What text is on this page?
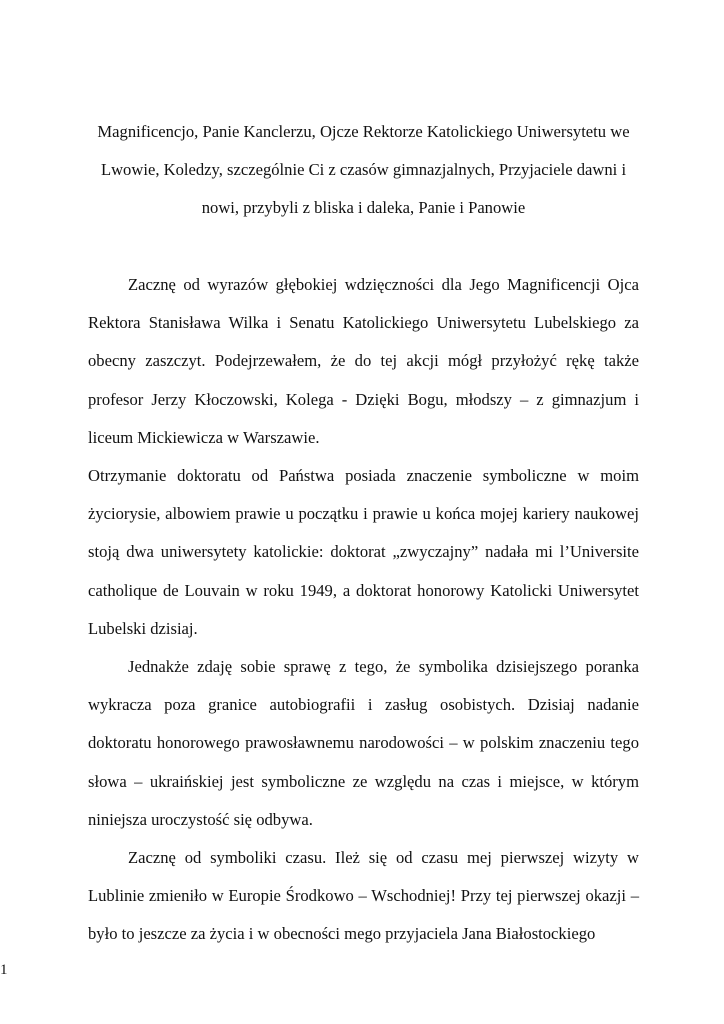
Magnificencjo, Panie Kanclerzu, Ojcze Rektorze Katolickiego Uniwersytetu we Lwowie, Koledzy, szczególnie Ci z czasów gimnazjalnych, Przyjaciele dawni i nowi, przybyli z bliska i daleka, Panie i Panowie

Zacznę od wyrazów głębokiej wdzięczności dla Jego Magnificencji Ojca Rektora Stanisława Wilka i Senatu Katolickiego Uniwersytetu Lubelskiego za obecny zaszczyt. Podejrzewałem, że do tej akcji mógł przyłożyć rękę także profesor Jerzy Kłoczowski, Kolega - Dzięki Bogu, młodszy – z gimnazjum i liceum Mickiewicza w Warszawie.

Otrzymanie doktoratu od Państwa posiada znaczenie symboliczne w moim życiorysie, albowiem prawie u początku i prawie u końca mojej kariery naukowej stoją dwa uniwersytety katolickie: doktorat „zwyczajny” nadała mi l’Universite catholique de Louvain w roku 1949, a doktorat honorowy Katolicki Uniwersytet Lubelski dzisiaj.

Jednakże zdaję sobie sprawę z tego, że symbolika dzisiejszego poranka wykracza poza granice autobiografii i zasług osobistych. Dzisiaj nadanie doktoratu honorowego prawosławnemu narodowości – w polskim znaczeniu tego słowa – ukraińskiej jest symboliczne ze względu na czas i miejsce, w którym niniejsza uroczystość się odbywa.

Zacznę od symboliki czasu. Ileż się od czasu mej pierwszej wizyty w Lublinie zmieniło w Europie Środkowo – Wschodniej! Przy tej pierwszej okazji – było to jeszcze za życia i w obecności mego przyjaciela Jana Białostockiego

1
